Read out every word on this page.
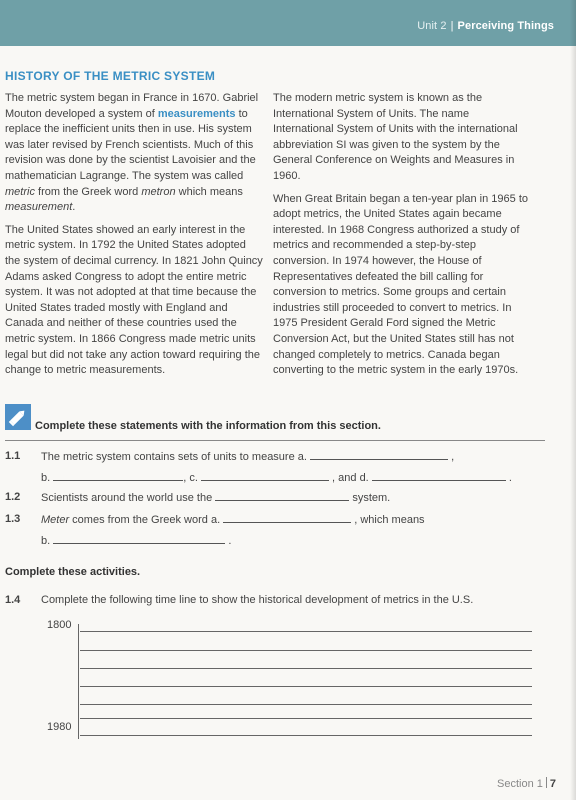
Unit 2 | Perceiving Things
HISTORY OF THE METRIC SYSTEM

The metric system began in France in 1670. Gabriel Mouton developed a system of measurements to replace the inefficient units then in use. His system was later revised by French scientists. Much of this revision was done by the scientist Lavoisier and the mathematician Lagrange. The system was called metric from the Greek word metron which means measurement.

The United States showed an early interest in the metric system. In 1792 the United States adopted the system of decimal currency. In 1821 John Quincy Adams asked Congress to adopt the entire metric system. It was not adopted at that time because the United States traded mostly with England and Canada and neither of these countries used the metric system. In 1866 Congress made metric units legal but did not take any action toward requiring the change to metric measurements.

The modern metric system is known as the International System of Units. The name International System of Units with the international abbreviation SI was given to the system by the General Conference on Weights and Measures in 1960.

When Great Britain began a ten-year plan in 1965 to adopt metrics, the United States again became interested. In 1968 Congress authorized a study of metrics and recommended a step-by-step conversion. In 1974 however, the House of Representatives defeated the bill calling for conversion to metrics. Some groups and certain industries still proceeded to convert to metrics. In 1975 President Gerald Ford signed the Metric Conversion Act, but the United States still has not changed completely to metrics. Canada began converting to the metric system in the early 1970s.

Complete these statements with the information from this section.
1.1 The metric system contains sets of units to measure a.	,
b.	, c.	, and d.	.
1.2 Scientists around the world use the	system.
1.3 Meter comes from the Greek word a.	, which means
b.	.
Complete these activities.
1.4 Complete the following time line to show the historical development of metrics in the U.S.
1800
1980
Section 1 7
